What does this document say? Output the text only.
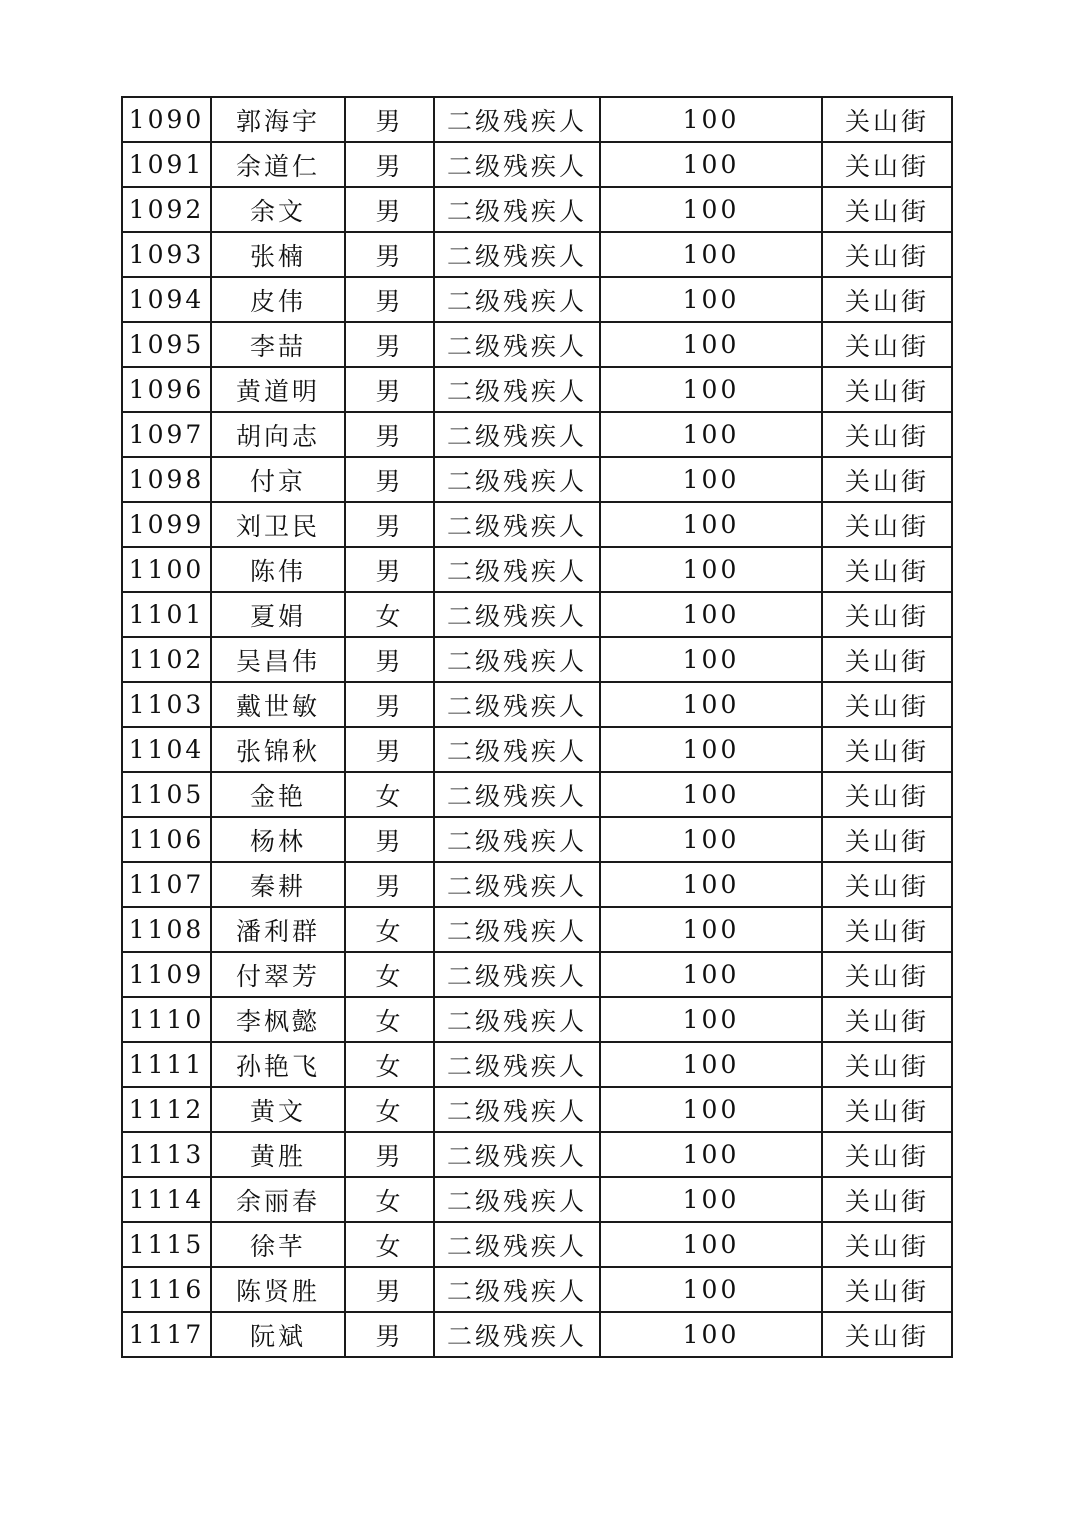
1090	郭海宇	男	二级残疾人	100	关山街
1091	余道仁	男	二级残疾人	100	关山街
1092	余文	男	二级残疾人	100	关山街
1093	张楠	男	二级残疾人	100	关山街
1094	皮伟	男	二级残疾人	100	关山街
1095	李喆	男	二级残疾人	100	关山街
1096	黄道明	男	二级残疾人	100	关山街
1097	胡向志	男	二级残疾人	100	关山街
1098	付京	男	二级残疾人	100	关山街
1099	刘卫民	男	二级残疾人	100	关山街
1100	陈伟	男	二级残疾人	100	关山街
1101	夏娟	女	二级残疾人	100	关山街
1102	吴昌伟	男	二级残疾人	100	关山街
1103	戴世敏	男	二级残疾人	100	关山街
1104	张锦秋	男	二级残疾人	100	关山街
1105	金艳	女	二级残疾人	100	关山街
1106	杨林	男	二级残疾人	100	关山街
1107	秦耕	男	二级残疾人	100	关山街
1108	潘利群	女	二级残疾人	100	关山街
1109	付翠芳	女	二级残疾人	100	关山街
1110	李枫懿	女	二级残疾人	100	关山街
1111	孙艳飞	女	二级残疾人	100	关山街
1112	黄文	女	二级残疾人	100	关山街
1113	黄胜	男	二级残疾人	100	关山街
1114	余丽春	女	二级残疾人	100	关山街
1115	徐芊	女	二级残疾人	100	关山街
1116	陈贤胜	男	二级残疾人	100	关山街
1117	阮斌	男	二级残疾人	100	关山街
